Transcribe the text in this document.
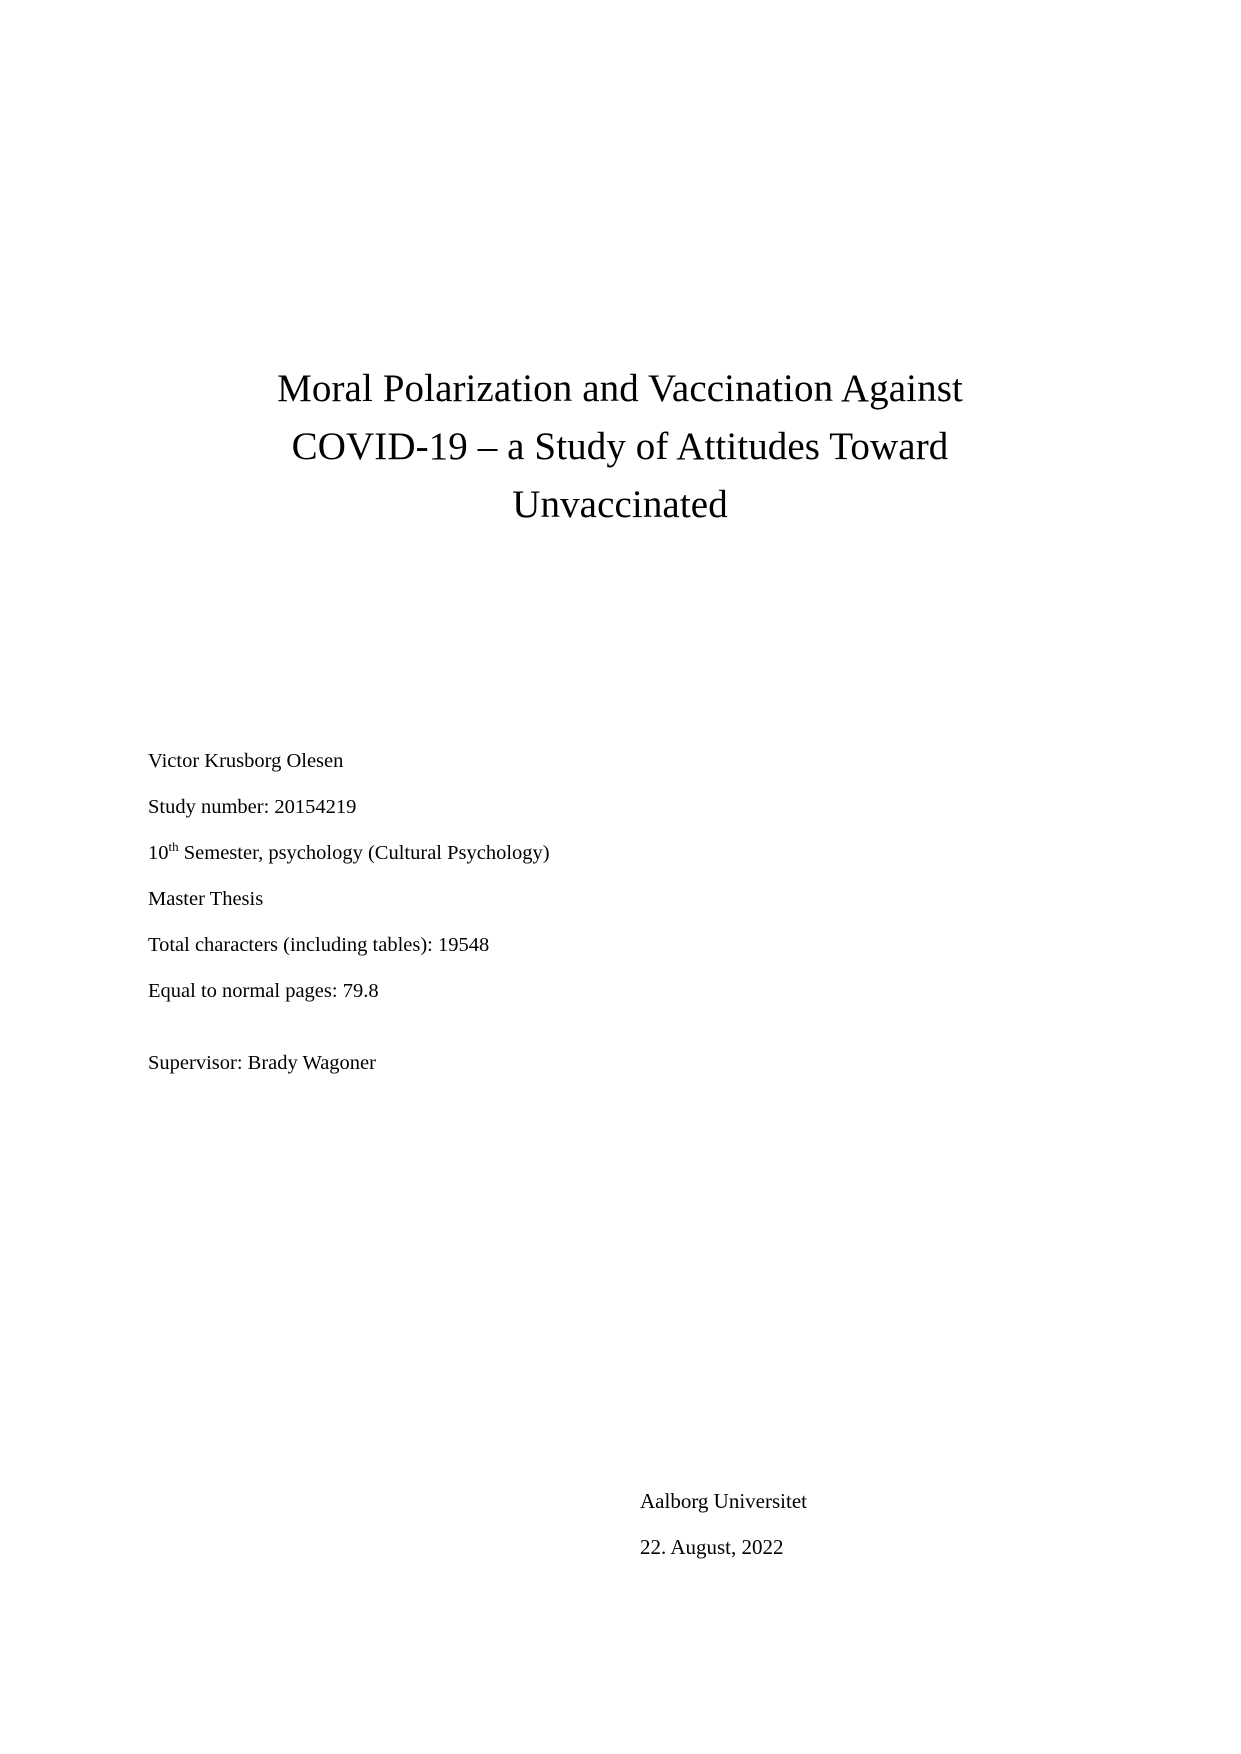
Moral Polarization and Vaccination Against
COVID-19 – a Study of Attitudes Toward
Unvaccinated
Victor Krusborg Olesen
Study number: 20154219
10th Semester, psychology (Cultural Psychology)
Master Thesis
Total characters (including tables): 19548
Equal to normal pages: 79.8
Supervisor: Brady Wagoner
Aalborg Universitet
22. August, 2022
